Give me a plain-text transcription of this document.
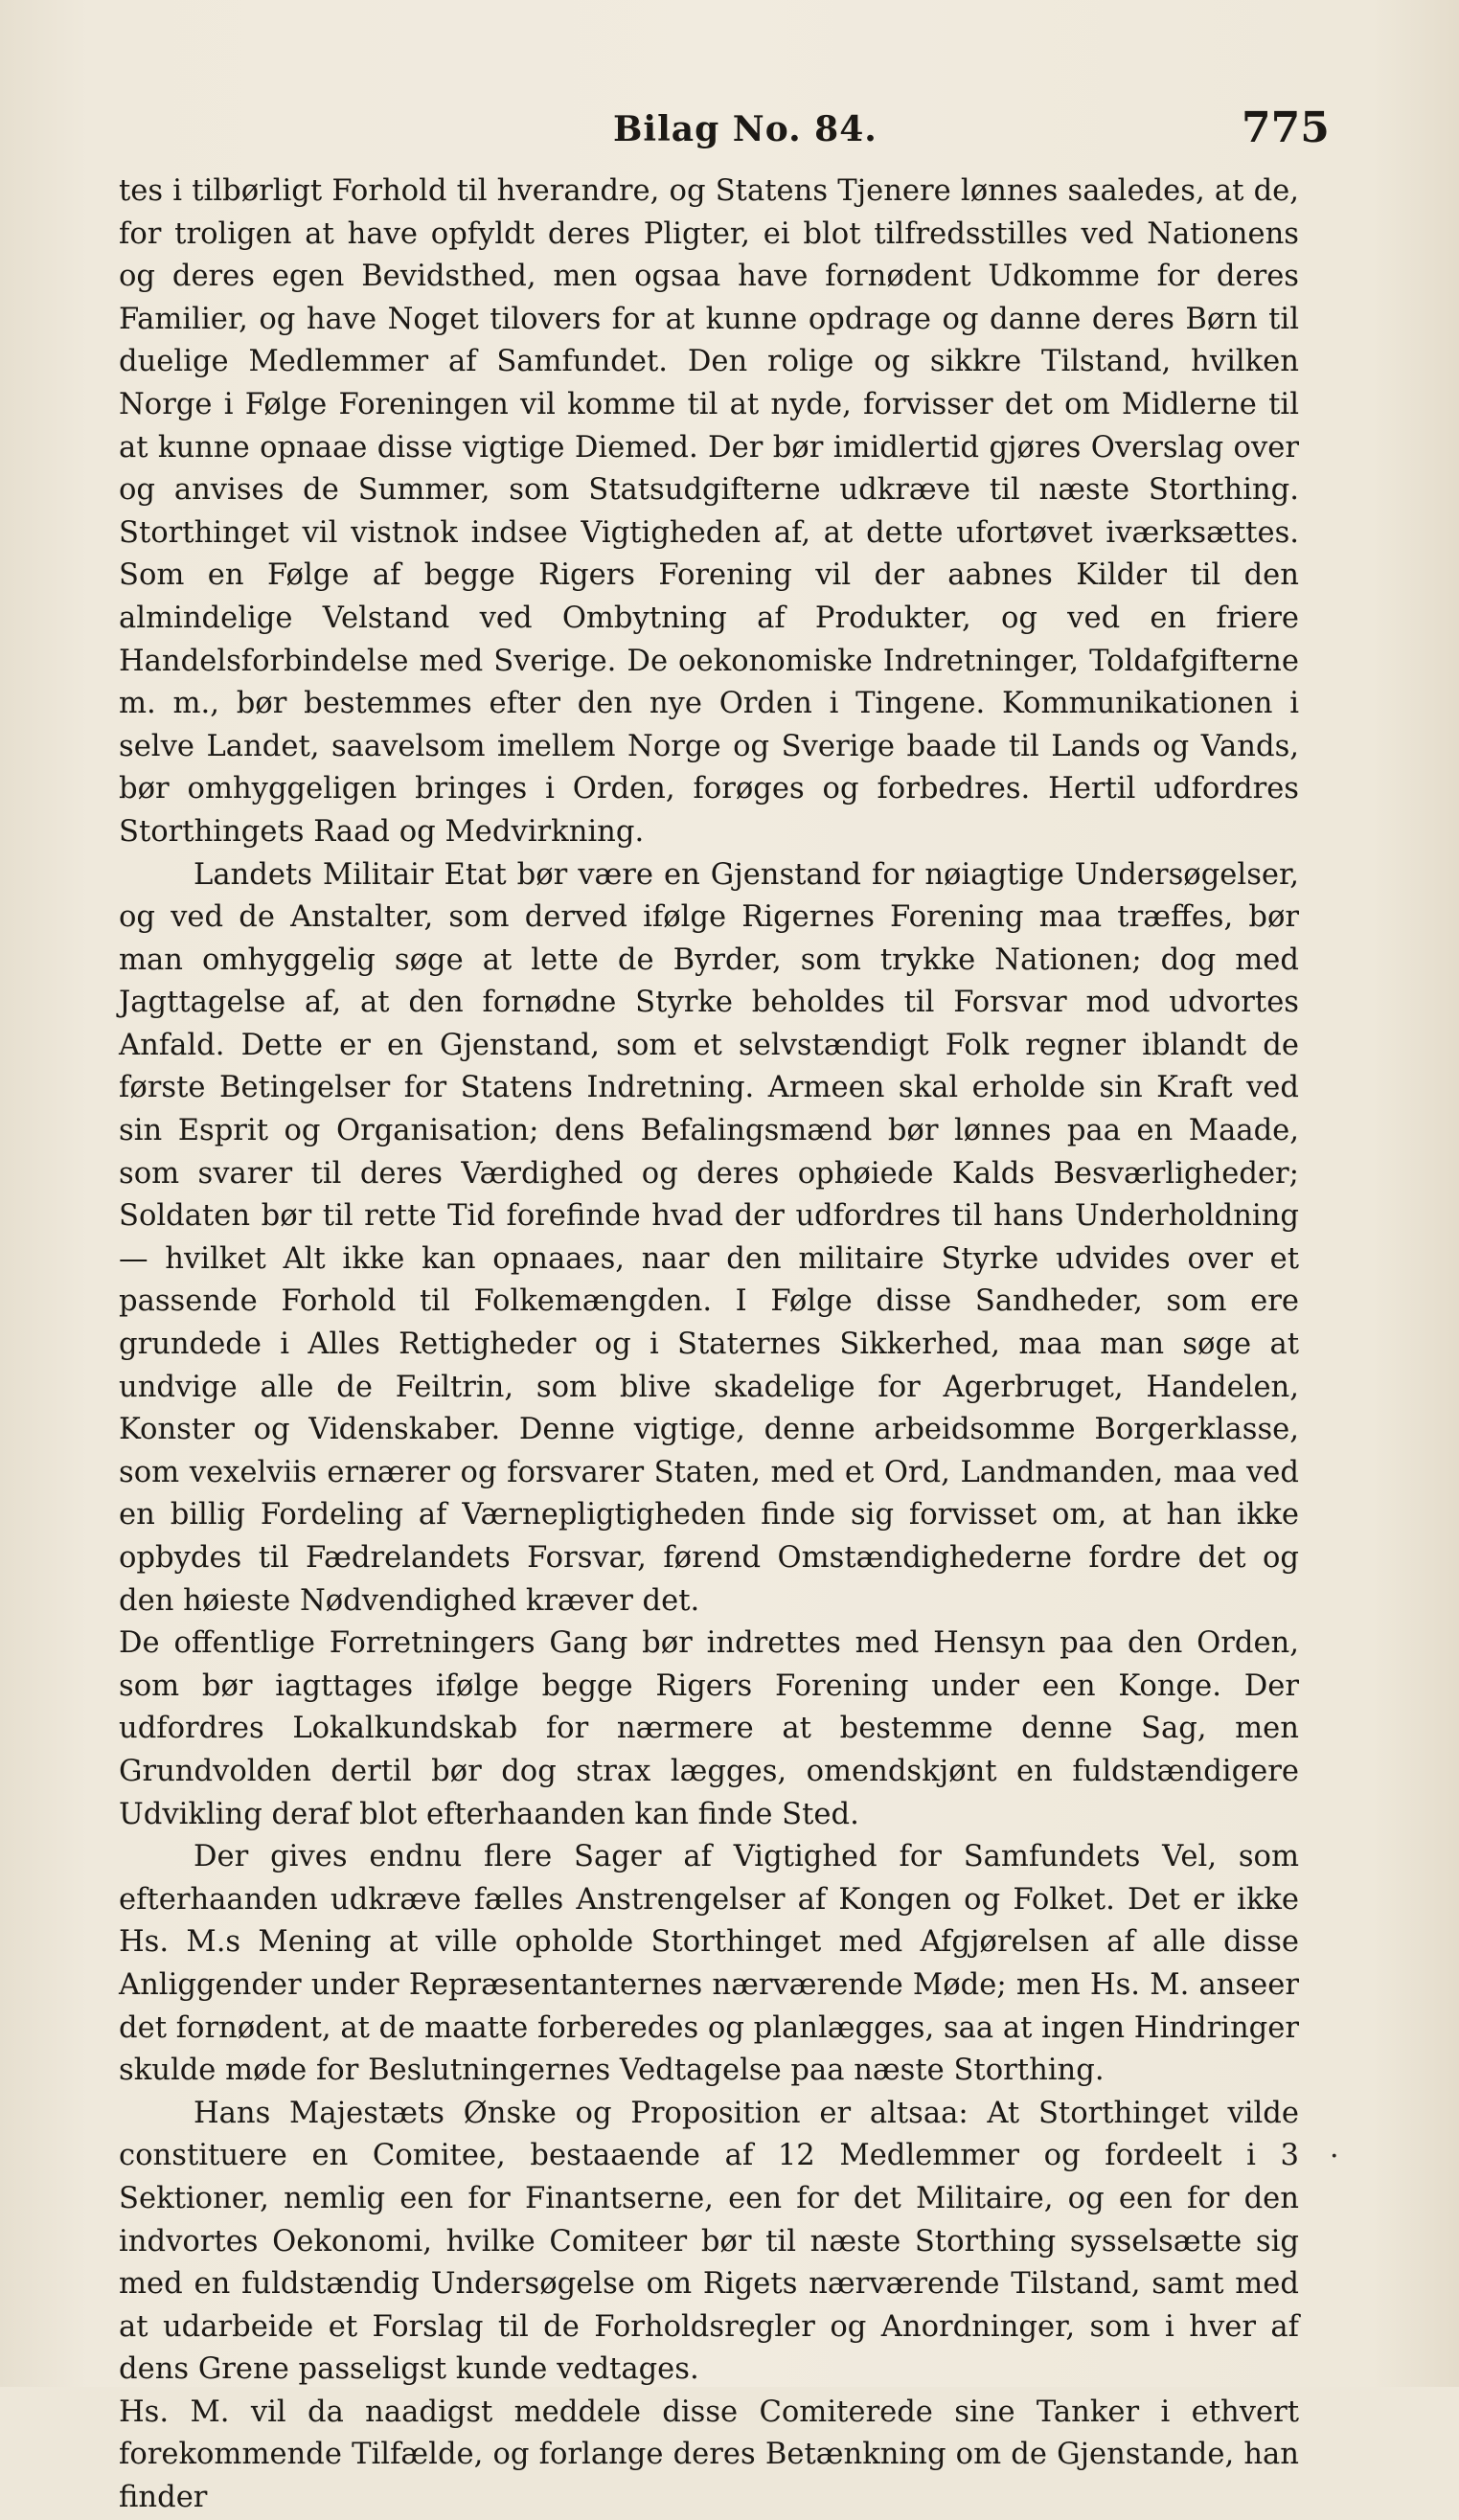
Bilag No. 84.	775

tes i tilbørligt Forhold til hverandre, og Statens Tjenere lønnes saaledes, at de, for troligen at have opfyldt deres Pligter, ei blot tilfredsstilles ved Nationens og deres egen Bevidsthed, men ogsaa have fornødent Udkomme for deres Familier, og have Noget tilovers for at kunne opdrage og danne deres Børn til duelige Medlemmer af Samfundet. Den rolige og sikkre Tilstand, hvilken Norge i Følge Foreningen vil komme til at nyde, forvisser det om Midlerne til at kunne opnaae disse vigtige Diemed. Der bør imidlertid gjøres Overslag over og anvises de Summer, som Statsudgifterne udkræve til næste Storthing. Storthinget vil vistnok indsee Vigtigheden af, at dette ufortøvet iværksættes. Som en Følge af begge Rigers Forening vil der aabnes Kilder til den almindelige Velstand ved Ombytning af Produkter, og ved en friere Handelsforbindelse med Sverige. De oekonomiske Indretninger, Toldafgifterne m. m., bør bestemmes efter den nye Orden i Tingene. Kommunikationen i selve Landet, saavelsom imellem Norge og Sverige baade til Lands og Vands, bør omhyggeligen bringes i Orden, forøges og forbedres. Hertil udfordres Storthingets Raad og Medvirkning.

Landets Militair Etat bør være en Gjenstand for nøiagtige Undersøgelser, og ved de Anstalter, som derved ifølge Rigernes Forening maa træffes, bør man omhyggelig søge at lette de Byrder, som trykke Nationen; dog med Jagttagelse af, at den fornødne Styrke beholdes til Forsvar mod udvortes Anfald. Dette er en Gjenstand, som et selvstændigt Folk regner iblandt de første Betingelser for Statens Indretning. Armeen skal erholde sin Kraft ved sin Esprit og Organisation; dens Befalingsmænd bør lønnes paa en Maade, som svarer til deres Værdighed og deres ophøiede Kalds Besværligheder; Soldaten bør til rette Tid forefinde hvad der udfordres til hans Underholdning — hvilket Alt ikke kan opnaaes, naar den militaire Styrke udvides over et passende Forhold til Folkemængden. I Følge disse Sandheder, som ere grundede i Alles Rettigheder og i Staternes Sikkerhed, maa man søge at undvige alle de Feiltrin, som blive skadelige for Agerbruget, Handelen, Konster og Videnskaber. Denne vigtige, denne arbeidsomme Borgerklasse, som vexelviis ernærer og forsvarer Staten, med et Ord, Landmanden, maa ved en billig Fordeling af Værnepligtigheden finde sig forvisset om, at han ikke opbydes til Fædrelandets Forsvar, førend Omstændighederne fordre det og den høieste Nødvendighed kræver det.

De offentlige Forretningers Gang bør indrettes med Hensyn paa den Orden, som bør iagttages ifølge begge Rigers Forening under een Konge. Der udfordres Lokalkundskab for nærmere at bestemme denne Sag, men Grundvolden dertil bør dog strax lægges, omendskjønt en fuldstændigere Udvikling deraf blot efterhaanden kan finde Sted.

Der gives endnu flere Sager af Vigtighed for Samfundets Vel, som efterhaanden udkræve fælles Anstrengelser af Kongen og Folket. Det er ikke Hs. M.s Mening at ville opholde Storthinget med Afgjørelsen af alle disse Anliggender under Repræsentanternes nærværende Møde; men Hs. M. anseer det fornødent, at de maatte forberedes og planlægges, saa at ingen Hindringer skulde møde for Beslutningernes Vedtagelse paa næste Storthing.

Hans Majestæts Ønske og Proposition er altsaa: At Storthinget vilde constituere en Comitee, bestaaende af 12 Medlemmer og fordeelt i 3 Sektioner, nemlig een for Finantserne, een for det Militaire, og een for den indvortes Oekonomi, hvilke Comiteer bør til næste Storthing sysselsætte sig med en fuldstændig Undersøgelse om Rigets nærværende Tilstand, samt med at udarbeide et Forslag til de Forholdsregler og Anordninger, som i hver af dens Grene passeligst kunde vedtages.

Hs. M. vil da naadigst meddele disse Comiterede sine Tanker i ethvert forekommende Tilfælde, og forlange deres Betænkning om de Gjenstande, han finder

·
